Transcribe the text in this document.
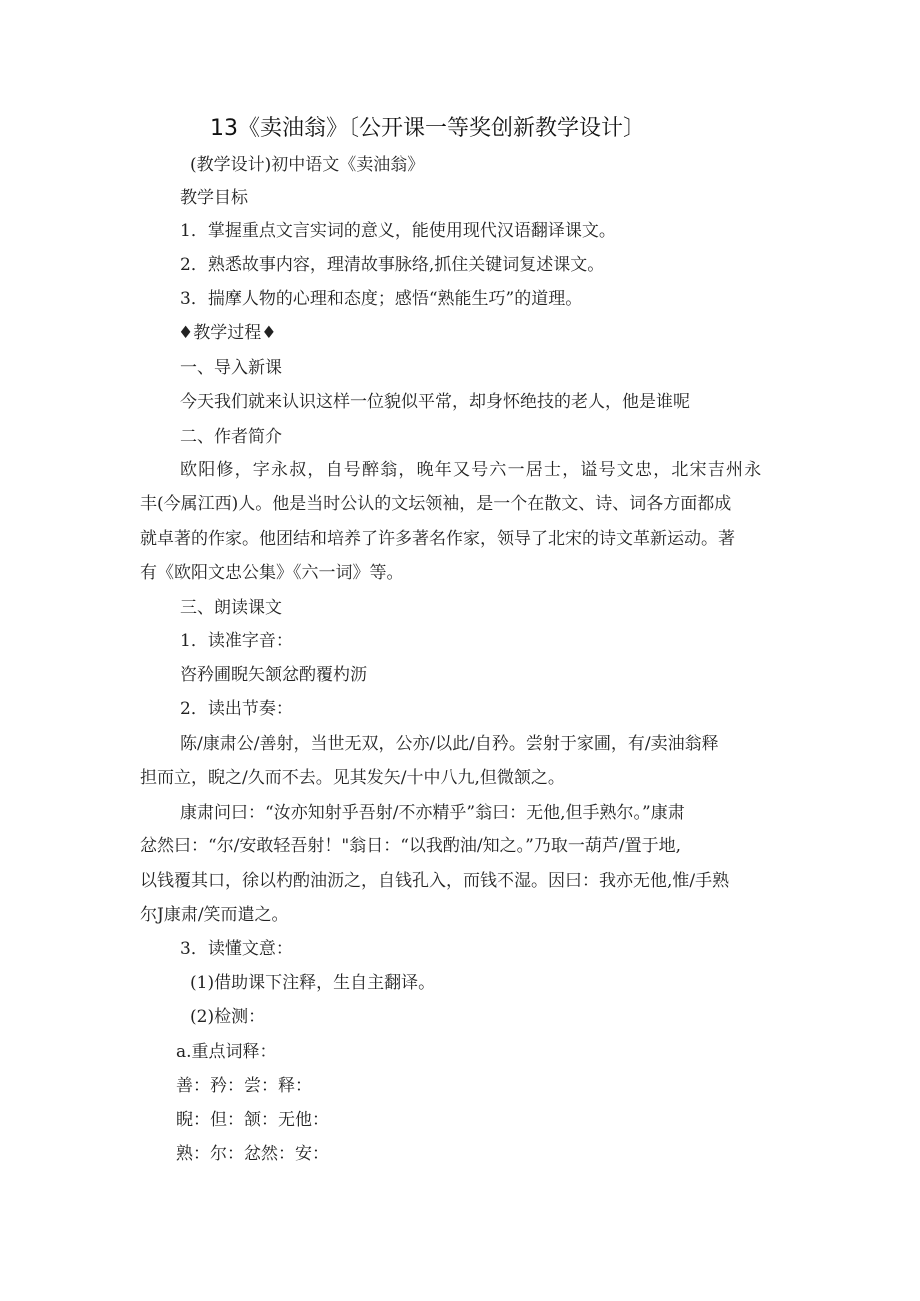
13《卖油翁》〔公开课一等奖创新教学设计〕
(教学设计)初中语文《卖油翁》
教学目标
1．掌握重点文言实词的意义，能使用现代汉语翻译课文。
2．熟悉故事内容，理清故事脉络,抓住关键词复述课文。
3．揣摩人物的心理和态度；感悟“熟能生巧”的道理。
♦教学过程♦
一、导入新课
今天我们就来认识这样一位貌似平常，却身怀绝技的老人，他是谁呢
二、作者简介
欧阳修，字永叔，自号醉翁，晚年又号六一居士，谥号文忠，北宋吉州永
丰(今属江西)人。他是当时公认的文坛领袖，是一个在散文、诗、词各方面都成
就卓著的作家。他团结和培养了许多著名作家，领导了北宋的诗文革新运动。著
有《欧阳文忠公集》《六一词》等。
三、朗读课文
1．读准字音：
咨矜圃睨矢颔忿酌覆杓沥
2．读出节奏：
陈/康肃公/善射，当世无双，公亦/以此/自矜。尝射于家圃，有/卖油翁释
担而立，睨之/久而不去。见其发矢/十中八九,但微颔之。
康肃问曰：“汝亦知射乎吾射/不亦精乎”翁曰：无他,但手熟尔。”康肃
忿然曰：“尔/安敢轻吾射！"翁日：“以我酌油/知之。”乃取一葫芦/置于地,
以钱覆其口，徐以杓酌油沥之，自钱孔入，而钱不湿。因曰：我亦无他,惟/手熟
尔J康肃/笑而遣之。
3．读懂文意：
(1)借助课下注释，生自主翻译。
(2)检测：
a.重点词释：
善：矜：尝：释：
睨：但：颔：无他：
熟：尔：忿然：安：
